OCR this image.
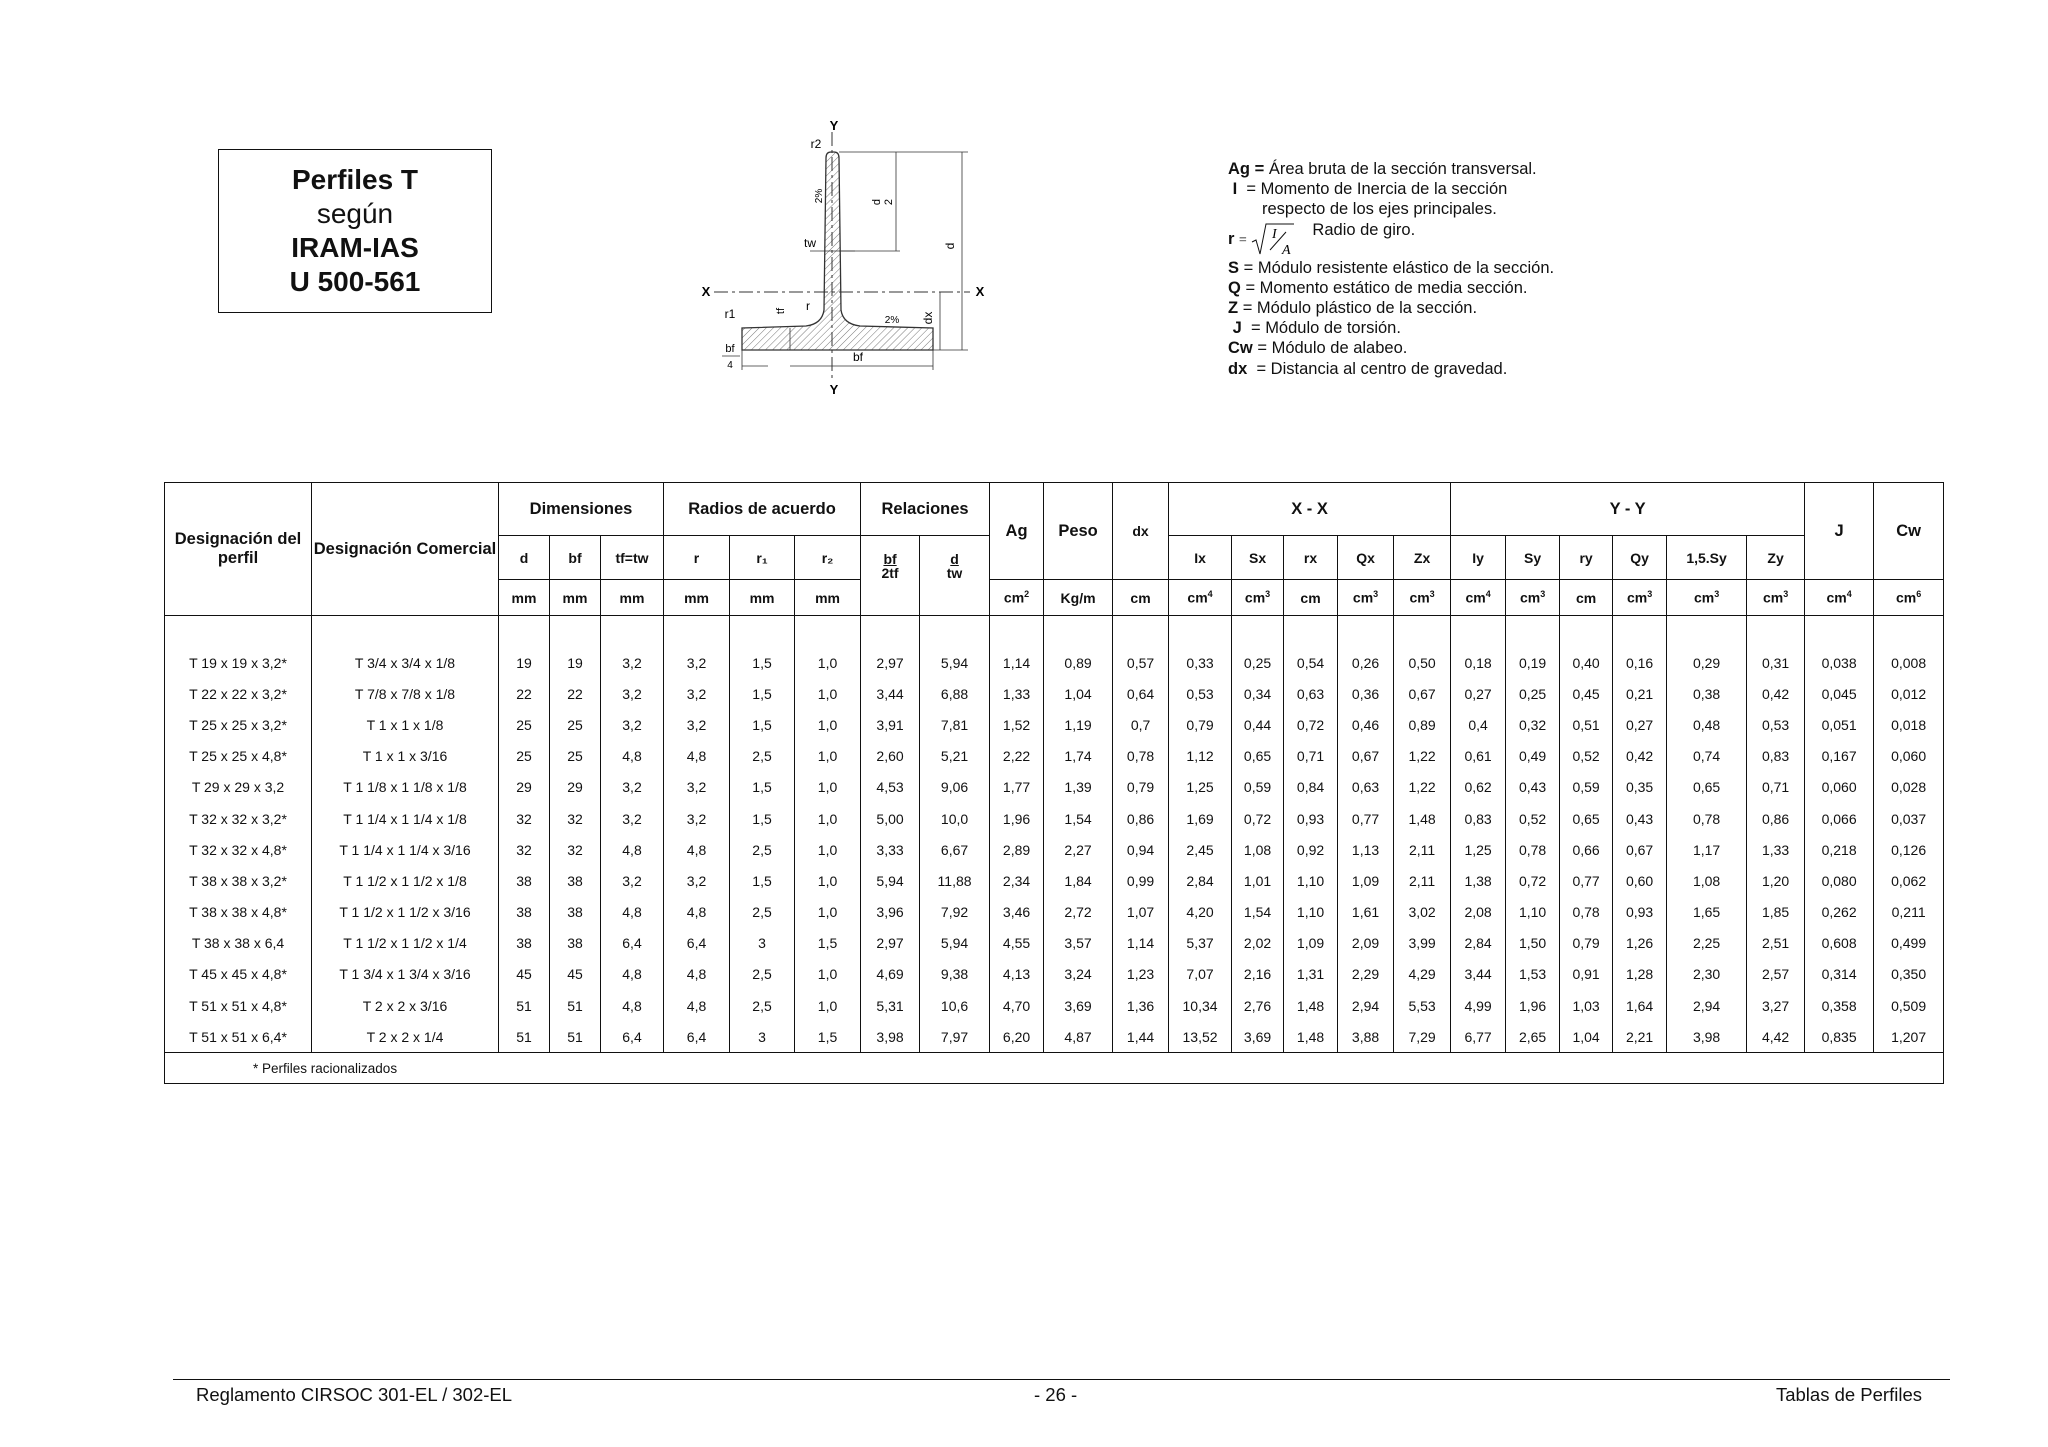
Perfiles T
según
IRAM-IAS
U 500-561
Y
Y
X	X
r2
r1
r
tw
tf
d
d 2
dx
bf
bf
4
2%
2%
Ag = Área bruta de la sección transversal.
I = Momento de Inercia de la sección
respecto de los ejes principales.
r = I
A
Radio de giro.
S = Módulo resistente elástico de la sección.
Q = Momento estático de media sección.
Z = Módulo plástico de la sección.
J = Módulo de torsión.
Cw = Módulo de alabeo.
dx = Distancia al centro de gravedad.
Designación del perfil	Designación Comercial	Dimensiones			Radios de acuerdo			Relaciones		Ag	Peso	dx	X - X					Y - Y						J	Cw
		d	bf	tf=tw	r	r₁	r₂	$\frac{bf}{2tf}$	$\frac{d}{tw}$				Ix	Sx	rx	Qx	Zx	Iy	Sy	ry	Qy	1,5.Sy	Zy		
		mm	mm	mm	mm	mm	mm			$cm^2$	Kg/m	cm	$cm^4$	$cm^3$	cm	$cm^3$	$cm^3$	$cm^4$	$cm^3$	cm	$cm^3$	$cm^3$	$cm^3$	$cm^4$	$cm^6$

T 19 x 19 x 3,2*	T 3/4 x 3/4 x 1/8	19	19	3,2	3,2	1,5	1,0	2,97	5,94	1,14	0,89	0,57	0,33	0,25	0,54	0,26	0,50	0,18	0,19	0,40	0,16	0,29	0,31	0,038	0,008
T 22 x 22 x 3,2*	T 7/8 x 7/8 x 1/8	22	22	3,2	3,2	1,5	1,0	3,44	6,88	1,33	1,04	0,64	0,53	0,34	0,63	0,36	0,67	0,27	0,25	0,45	0,21	0,38	0,42	0,045	0,012
T 25 x 25 x 3,2*	T 1 x 1 x 1/8	25	25	3,2	3,2	1,5	1,0	3,91	7,81	1,52	1,19	0,7	0,79	0,44	0,72	0,46	0,89	0,4	0,32	0,51	0,27	0,48	0,53	0,051	0,018
T 25 x 25 x 4,8*	T 1 x 1 x 3/16	25	25	4,8	4,8	2,5	1,0	2,60	5,21	2,22	1,74	0,78	1,12	0,65	0,71	0,67	1,22	0,61	0,49	0,52	0,42	0,74	0,83	0,167	0,060
T 29 x 29 x 3,2	T 1 1/8 x 1 1/8 x 1/8	29	29	3,2	3,2	1,5	1,0	4,53	9,06	1,77	1,39	0,79	1,25	0,59	0,84	0,63	1,22	0,62	0,43	0,59	0,35	0,65	0,71	0,060	0,028
T 32 x 32 x 3,2*	T 1 1/4 x 1 1/4 x 1/8	32	32	3,2	3,2	1,5	1,0	5,00	10,0	1,96	1,54	0,86	1,69	0,72	0,93	0,77	1,48	0,83	0,52	0,65	0,43	0,78	0,86	0,066	0,037
T 32 x 32 x 4,8*	T 1 1/4 x 1 1/4 x 3/16	32	32	4,8	4,8	2,5	1,0	3,33	6,67	2,89	2,27	0,94	2,45	1,08	0,92	1,13	2,11	1,25	0,78	0,66	0,67	1,17	1,33	0,218	0,126
T 38 x 38 x 3,2*	T 1 1/2 x 1 1/2 x 1/8	38	38	3,2	3,2	1,5	1,0	5,94	11,88	2,34	1,84	0,99	2,84	1,01	1,10	1,09	2,11	1,38	0,72	0,77	0,60	1,08	1,20	0,080	0,062
T 38 x 38 x 4,8*	T 1 1/2 x 1 1/2 x 3/16	38	38	4,8	4,8	2,5	1,0	3,96	7,92	3,46	2,72	1,07	4,20	1,54	1,10	1,61	3,02	2,08	1,10	0,78	0,93	1,65	1,85	0,262	0,211
T 38 x 38 x 6,4	T 1 1/2 x 1 1/2 x 1/4	38	38	6,4	6,4	3	1,5	2,97	5,94	4,55	3,57	1,14	5,37	2,02	1,09	2,09	3,99	2,84	1,50	0,79	1,26	2,25	2,51	0,608	0,499
T 45 x 45 x 4,8*	T 1 3/4 x 1 3/4 x 3/16	45	45	4,8	4,8	2,5	1,0	4,69	9,38	4,13	3,24	1,23	7,07	2,16	1,31	2,29	4,29	3,44	1,53	0,91	1,28	2,30	2,57	0,314	0,350
T 51 x 51 x 4,8*	T 2 x 2 x 3/16	51	51	4,8	4,8	2,5	1,0	5,31	10,6	4,70	3,69	1,36	10,34	2,76	1,48	2,94	5,53	4,99	1,96	1,03	1,64	2,94	3,27	0,358	0,509
T 51 x 51 x 6,4*	T 2 x 2 x 1/4	51	51	6,4	6,4	3	1,5	3,98	7,97	6,20	4,87	1,44	13,52	3,69	1,48	3,88	7,29	6,77	2,65	1,04	2,21	3,98	4,42	0,835	1,207
* Perfiles racionalizados																									
Reglamento CIRSOC 301-EL / 302-EL	- 26 -	Tablas de Perfiles
